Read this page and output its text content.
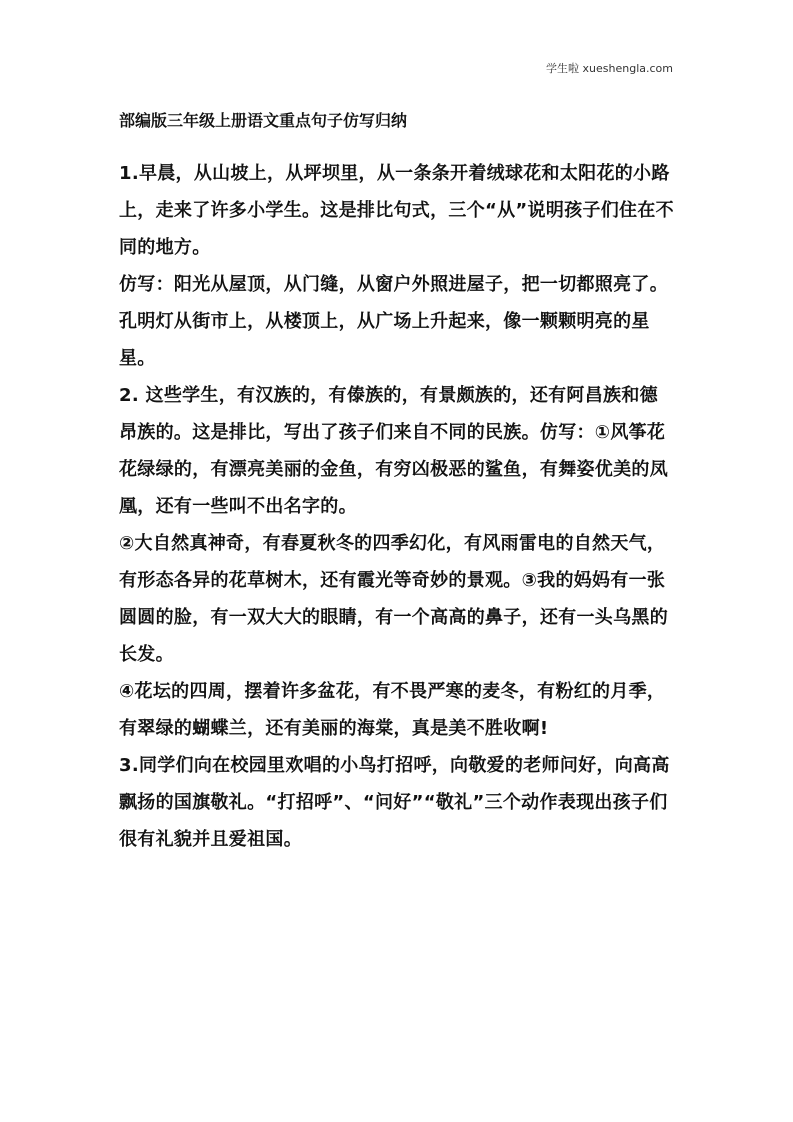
学生啦 xueshengla.com
部编版三年级上册语文重点句子仿写归纳

1.早晨，从山坡上，从坪坝里，从一条条开着绒球花和太阳花的小路上，走来了许多小学生。这是排比句式，三个“从”说明孩子们住在不同的地方。

仿写：阳光从屋顶，从门缝，从窗户外照进屋子，把一切都照亮了。孔明灯从街市上，从楼顶上，从广场上升起来，像一颗颗明亮的星星。

2. 这些学生，有汉族的，有傣族的，有景颇族的，还有阿昌族和德昂族的。这是排比，写出了孩子们来自不同的民族。仿写：①风筝花花绿绿的，有漂亮美丽的金鱼，有穷凶极恶的鲨鱼，有舞姿优美的凤凰，还有一些叫不出名字的。

②大自然真神奇，有春夏秋冬的四季幻化，有风雨雷电的自然天气，有形态各异的花草树木，还有霞光等奇妙的景观。③我的妈妈有一张圆圆的脸，有一双大大的眼睛，有一个高高的鼻子，还有一头乌黑的长发。

④花坛的四周，摆着许多盆花，有不畏严寒的麦冬，有粉红的月季，有翠绿的蝴蝶兰，还有美丽的海棠，真是美不胜收啊!

3.同学们向在校园里欢唱的小鸟打招呼，向敬爱的老师问好，向高高飘扬的国旗敬礼。“打招呼”、“问好”“敬礼”三个动作表现出孩子们很有礼貌并且爱祖国。
